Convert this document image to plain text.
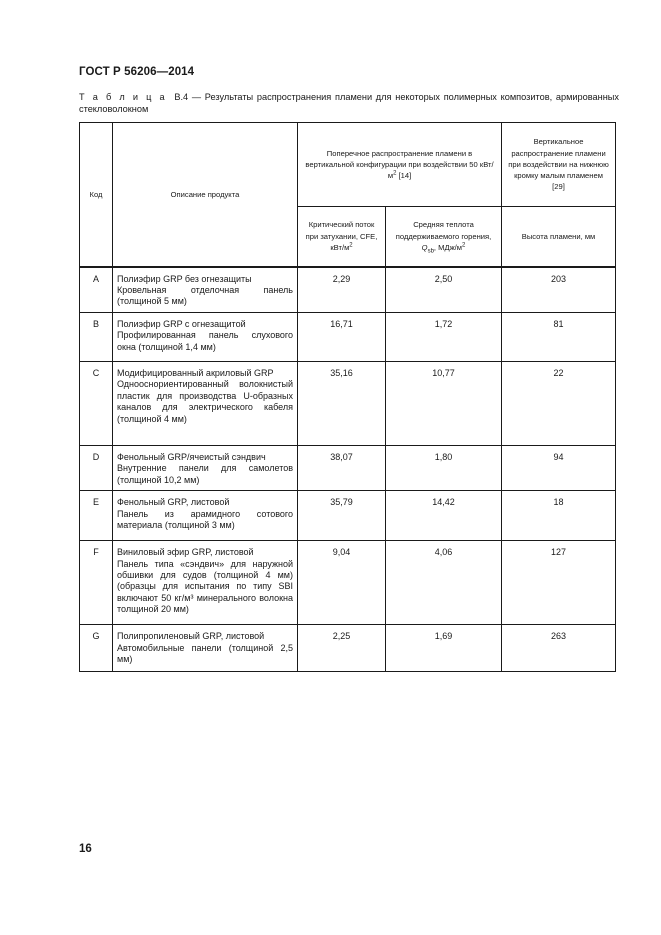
ГОСТ Р 56206—2014
Т а б л и ц а В.4 — Результаты распространения пламени для некоторых полимерных композитов, армированных стекловолокном
Код	Описание продукта	Поперечное распространение пламени в вертикальной конфигурации при воздействии 50 кВт/$м^2$ [14]		Вертикальное распространение пламени при воздействии на нижнюю кромку малым пламенем [29]
		Критический поток при затухании, CFE, кВт/$м^2$	Средняя теплота поддерживаемого горения, $Q_{sb}$, МДж/$м^2$	Высота пламени, мм
A	Полиэфир GRP без огнезащиты
Кровельная отделочная панель (толщиной 5 мм)	2,29	2,50	203
B	Полиэфир GRP с огнезащитой
Профилированная панель слухового окна (толщиной 1,4 мм)	16,71	1,72	81
C	Модифицированный акриловый GRP
Однооснориентированный волокнистый пластик для производства U-образных каналов для электрического кабеля (толщиной 4 мм)	35,16	10,77	22
D	Фенольный GRP/ячеистый сэндвич
Внутренние панели для самолетов (толщиной 10,2 мм)	38,07	1,80	94
E	Фенольный GRP, листовой
Панель из арамидного сотового материала (толщиной 3 мм)	35,79	14,42	18
F	Виниловый эфир GRP, листовой
Панель типа «сэндвич» для наружной обшивки для судов (толщиной 4 мм) (образцы для испытания по типу SBI включают 50 кг/м³ минерального волокна толщиной 20 мм)	9,04	4,06	127
G	Полипропиленовый GRP, листовой
Автомобильные панели (толщиной 2,5 мм)	2,25	1,69	263
16
